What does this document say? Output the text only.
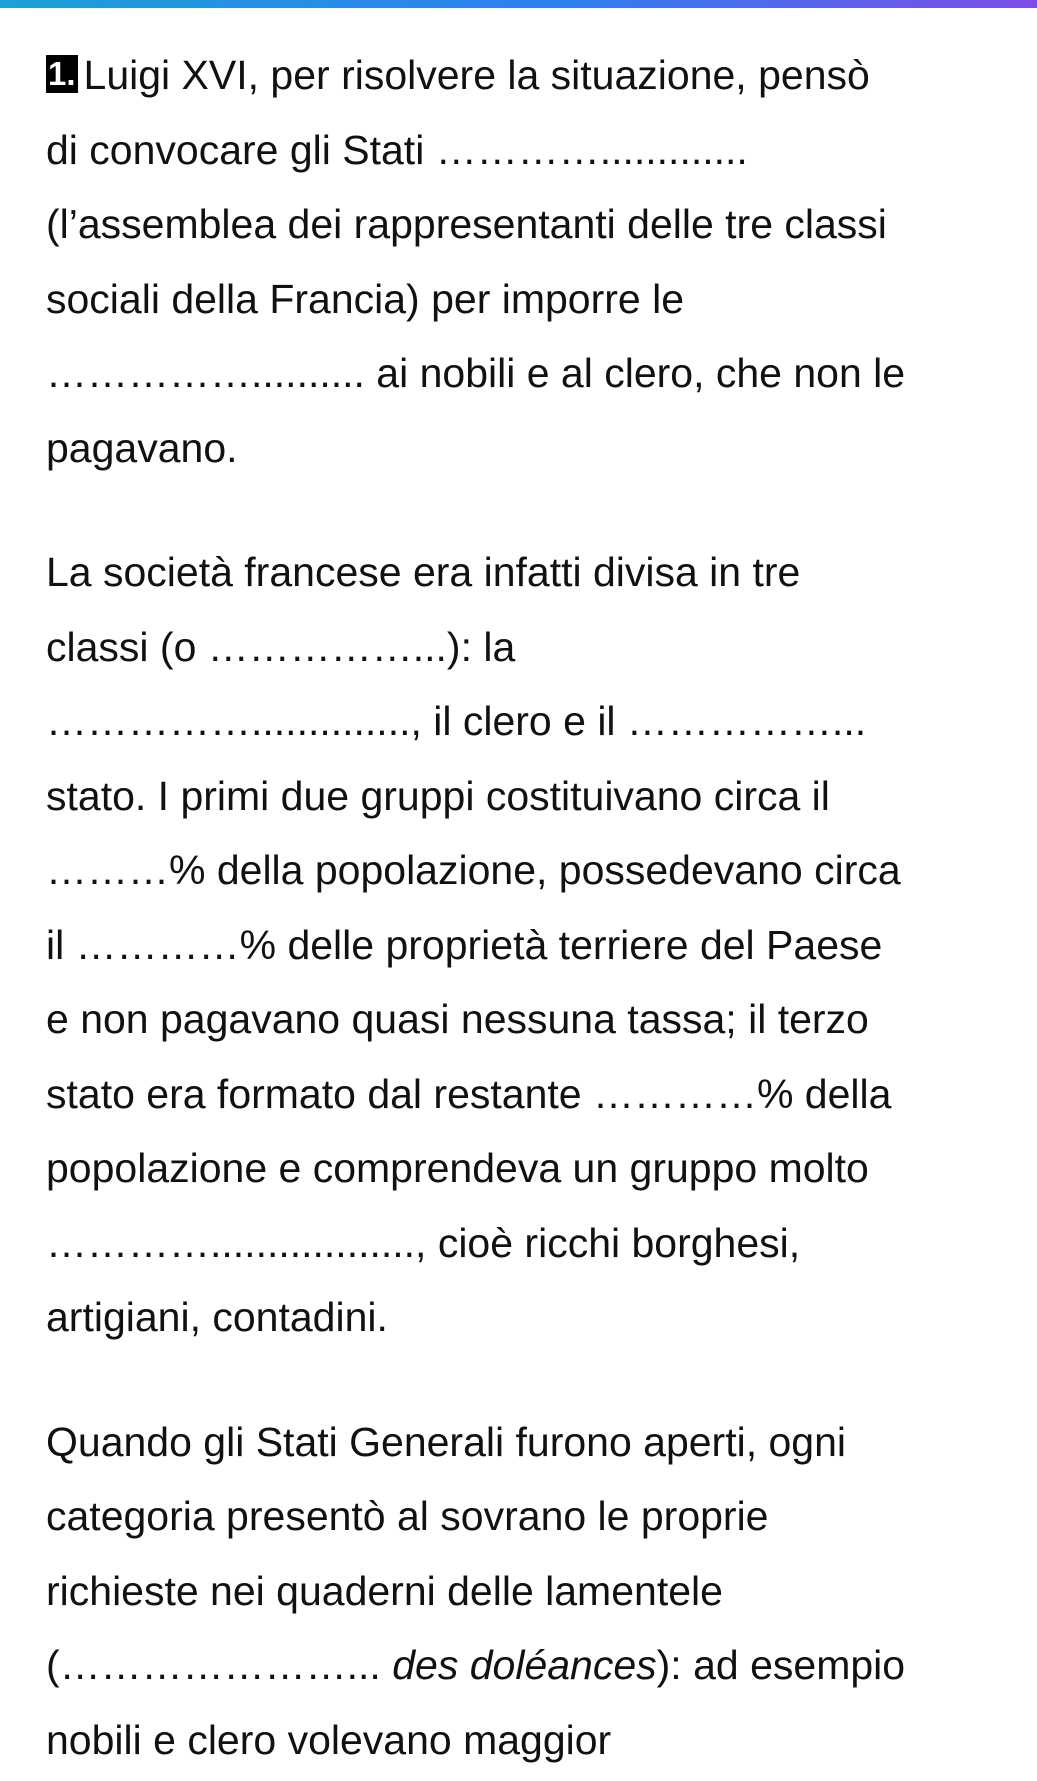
1. Luigi XVI, per risolvere la situazione, pensò
di convocare gli Stati ………….............
(l’assemblea dei rappresentanti delle tre classi
sociali della Francia) per imporre le
…………….......... ai nobili e al clero, che non le
pagavano.

La società francese era infatti divisa in tre
classi (o ……………...): la
…………….............., il clero e il ……………...
stato. I primi due gruppi costituivano circa il
………% della popolazione, possedevano circa
il …………% delle proprietà terriere del Paese
e non pagavano quasi nessuna tassa; il terzo
stato era formato dal restante …………% della
popolazione e comprendeva un gruppo molto
………….................., cioè ricchi borghesi,
artigiani, contadini.

Quando gli Stati Generali furono aperti, ogni
categoria presentò al sovrano le proprie
richieste nei quaderni delle lamentele
(…………………... des doléances): ad esempio
nobili e clero volevano maggior
